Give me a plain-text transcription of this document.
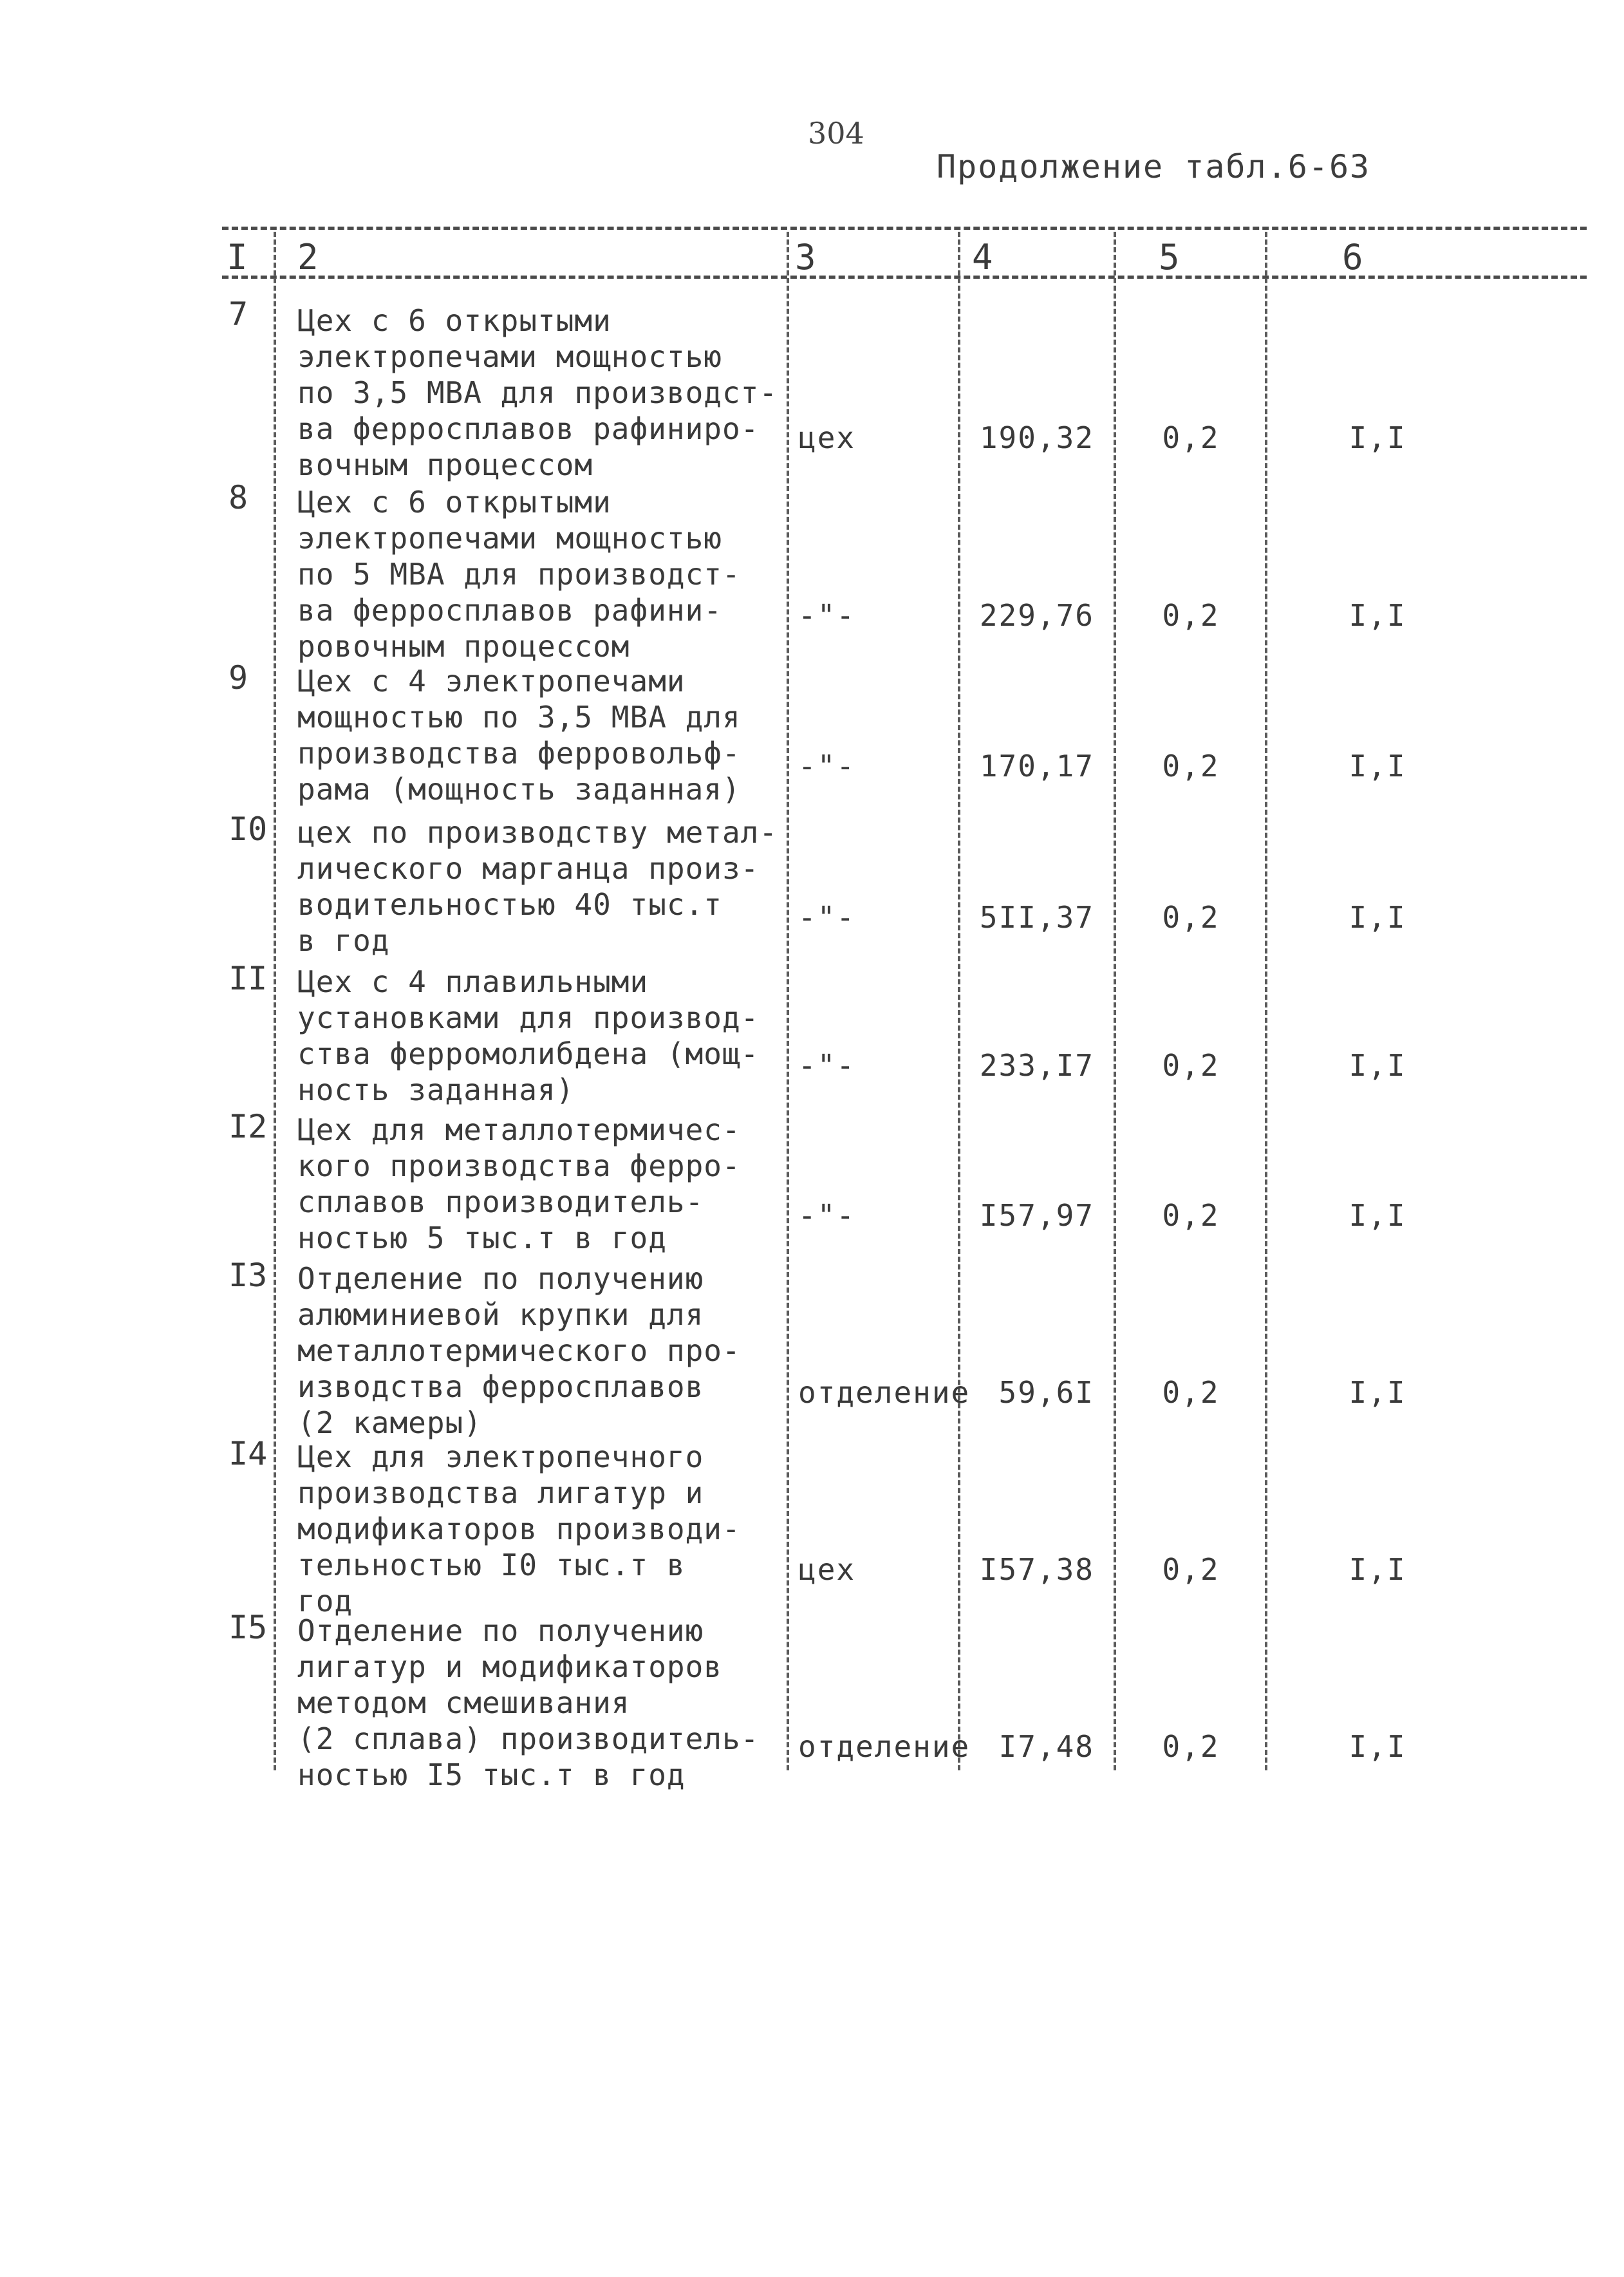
304
Продолжение табл.6-63
I 2	3	4	5	6
7 Цех с 6 открытыми
электропечами мощностью
по 3,5 МВА для производст-
ва ферросплавов рафиниро-
вочным процессом
цех	190,32	0,2	I,I
8 Цех с 6 открытыми
электропечами мощностью
по 5 МВА для производст-
ва ферросплавов рафини-
ровочным процессом
-"-	229,76	0,2	I,I
9 Цех с 4 электропечами
мощностью по 3,5 МВА для
производства ферровольф-
рама (мощность заданная)
-"-	170,17	0,2	I,I
I0 цех по производству метал-
лического марганца произ-
водительностью 40 тыс.т
в год
-"-	5II,37	0,2	I,I
II Цех с 4 плавильными
установками для производ-
ства ферромолибдена (мощ-
ность заданная)
-"-	233,I7	0,2	I,I
I2 Цех для металлотермичес-
кого производства ферро-
сплавов производитель-
ностью 5 тыс.т в год
-"-	I57,97	0,2	I,I
I3 Отделение по получению
алюминиевой крупки для
металлотермического про-
изводства ферросплавов
(2 камеры)
отделение 59,6I	0,2	I,I
I4 Цех для электропечного
производства лигатур и
модификаторов производи-
тельностью I0 тыс.т в
год
цех	I57,38	0,2	I,I
I5 Отделение по получению
лигатур и модификаторов
методом смешивания
(2 сплава) производитель-
ностью I5 тыс.т в год
отделение I7,48	0,2	I,I
